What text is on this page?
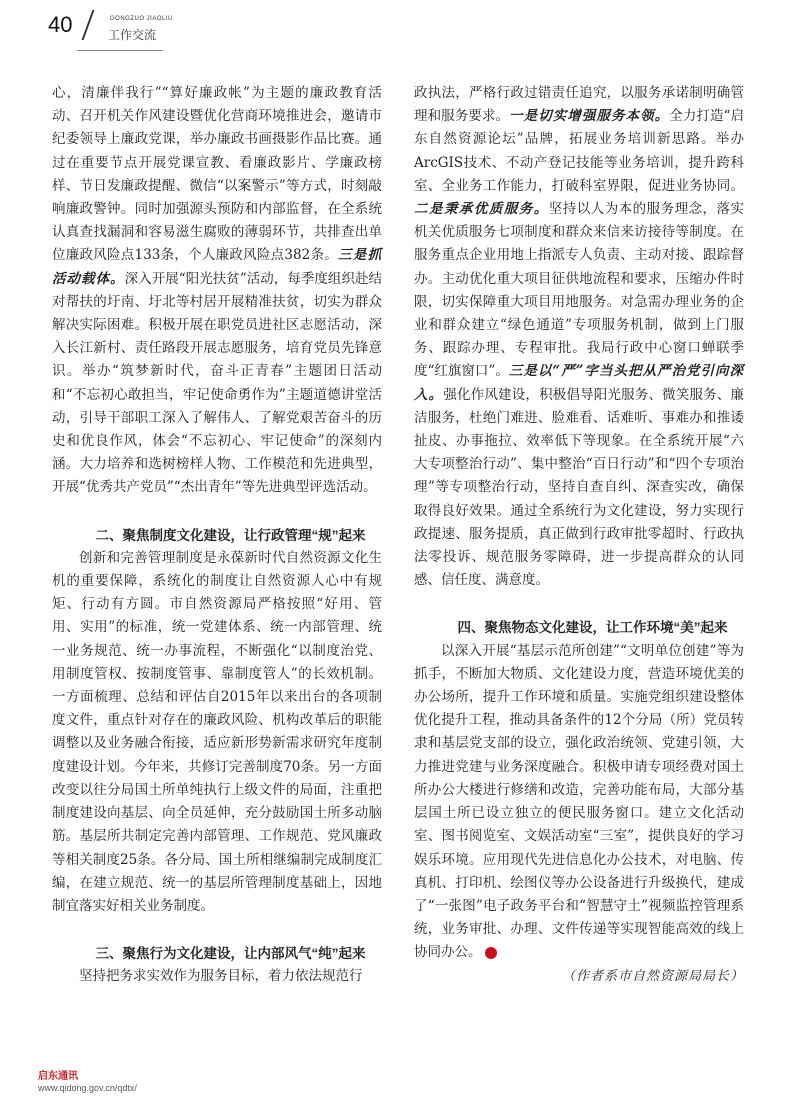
40	GONGZUO JIAOLIU
工作交流

心，清廉伴我行”“算好廉政帐”为主题的廉政教育活动、召开机关作风建设暨优化营商环境推进会，邀请市纪委领导上廉政党课，举办廉政书画摄影作品比赛。通过在重要节点开展党课宣教、看廉政影片、学廉政榜样、节日发廉政提醒、微信“以案警示”等方式，时刻敲响廉政警钟。同时加强源头预防和内部监督，在全系统认真查找漏洞和容易滋生腐败的薄弱环节，共排查出单位廉政风险点133条，个人廉政风险点382条。三是抓活动载体。深入开展“阳光扶贫”活动，每季度组织赴结对帮扶的圩南、圩北等村居开展精准扶贫，切实为群众解决实际困难。积极开展在职党员进社区志愿活动，深入长江新村、责任路段开展志愿服务，培育党员先锋意识。举办“筑梦新时代，奋斗正青春”主题团日活动和“不忘初心敢担当，牢记使命勇作为”主题道德讲堂活动，引导干部职工深入了解伟人、了解党艰苦奋斗的历史和优良作风，体会“不忘初心、牢记使命”的深刻内涵。大力培养和选树榜样人物、工作模范和先进典型，开展“优秀共产党员”“杰出青年”等先进典型评选活动。

二、聚焦制度文化建设，让行政管理“规”起来

创新和完善管理制度是永葆新时代自然资源文化生机的重要保障，系统化的制度让自然资源人心中有规矩、行动有方圆。市自然资源局严格按照“好用、管用、实用”的标准，统一党建体系、统一内部管理、统一业务规范、统一办事流程，不断强化“以制度治党、用制度管权、按制度管事、靠制度管人”的长效机制。一方面梳理、总结和评估自2015年以来出台的各项制度文件，重点针对存在的廉政风险、机构改革后的职能调整以及业务融合衔接，适应新形势新需求研究年度制度建设计划。今年来，共修订完善制度70条。另一方面改变以往分局国土所单纯执行上级文件的局面，注重把制度建设向基层、向全员延伸，充分鼓励国土所多动脑筋。基层所共制定完善内部管理、工作规范、党风廉政等相关制度25条。各分局、国土所相继编制完成制度汇编，在建立规范、统一的基层所管理制度基础上，因地制宜落实好相关业务制度。

三、聚焦行为文化建设，让内部风气“纯”起来

坚持把务求实效作为服务目标，着力依法规范行

政执法，严格行政过错责任追究，以服务承诺制明确管理和服务要求。一是切实增强服务本领。全力打造“启东自然资源论坛”品牌，拓展业务培训新思路。举办ArcGIS技术、不动产登记技能等业务培训，提升跨科室、全业务工作能力，打破科室界限，促进业务协同。二是秉承优质服务。坚持以人为本的服务理念，落实机关优质服务七项制度和群众来信来访接待等制度。在服务重点企业用地上指派专人负责、主动对接、跟踪督办。主动优化重大项目征供地流程和要求，压缩办件时限，切实保障重大项目用地服务。对急需办理业务的企业和群众建立“绿色通道”专项服务机制，做到上门服务、跟踪办理、专程审批。我局行政中心窗口蝉联季度“红旗窗口”。三是以“严”字当头把从严治党引向深入。强化作风建设，积极倡导阳光服务、微笑服务、廉洁服务，杜绝门难进、脸难看、话难听、事难办和推诿扯皮、办事拖拉、效率低下等现象。在全系统开展“六大专项整治行动”、集中整治“百日行动”和“四个专项治理”等专项整治行动，坚持自查自纠、深查实改，确保取得良好效果。通过全系统行为文化建设，努力实现行政提速、服务提质，真正做到行政审批零超时、行政执法零投诉、规范服务零障碍，进一步提高群众的认同感、信任度、满意度。

四、聚焦物态文化建设，让工作环境“美”起来

以深入开展“基层示范所创建”“文明单位创建”等为抓手，不断加大物质、文化建设力度，营造环境优美的办公场所，提升工作环境和质量。实施党组织建设整体优化提升工程，推动具备条件的12个分局（所）党员转隶和基层党支部的设立，强化政治统领、党建引领，大力推进党建与业务深度融合。积极申请专项经费对国土所办公大楼进行修缮和改造，完善功能布局，大部分基层国土所已设立独立的便民服务窗口。建立文化活动室、图书阅览室、文娱活动室“三室”，提供良好的学习娱乐环境。应用现代先进信息化办公技术，对电脑、传真机、打印机、绘图仪等办公设备进行升级换代，建成了“一张图”电子政务平台和“智慧守土”视频监控管理系统，业务审批、办理、文件传递等实现智能高效的线上协同办公。

（作者系市自然资源局局长）

启东通讯
www.qidong.gov.cn/qdtx/
